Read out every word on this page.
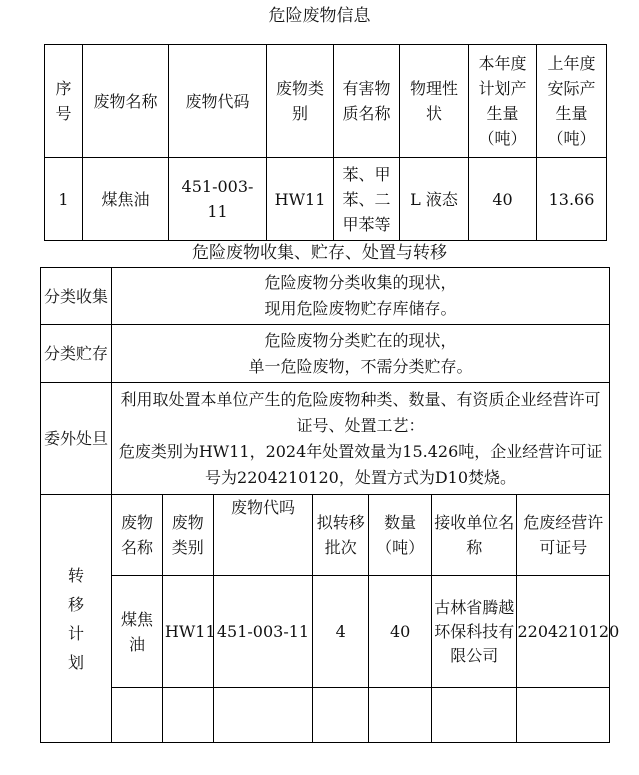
危险废物信息
序号	废物名称	废物代码	废物类别	有害物质名称	物理性状	本年度计划产生量（吨）	上年度安际产生量（吨）
1	煤焦油	451-003-11	HW11	苯、甲苯、二甲苯等	L 液态	40	13.66
危险废物收集、贮存、处置与转移
分类收集	危险废物分类收集的现状，
现用危险废物贮存库储存。						

分类贮存	危险废物分类贮在的现状，
单一危险废物，不需分类贮存。						

委外处旦	利用取处置本单位产生的危险废物种类、数量、有资质企业经营许可证号、处置工艺：
危废类别为HW11，2024年处置效量为15.426吨，企业经营许可证号为2204210120，处置方式为D10焚烧。						

转移计划	废物名称	废物类别	废物代吗	拟转移批次	数量（吨）	接收单位名称	危废经营许可证号
	煤焦油	HW11	451-003-11	4	40	古林省腾越环保科技有限公司	2204210120
